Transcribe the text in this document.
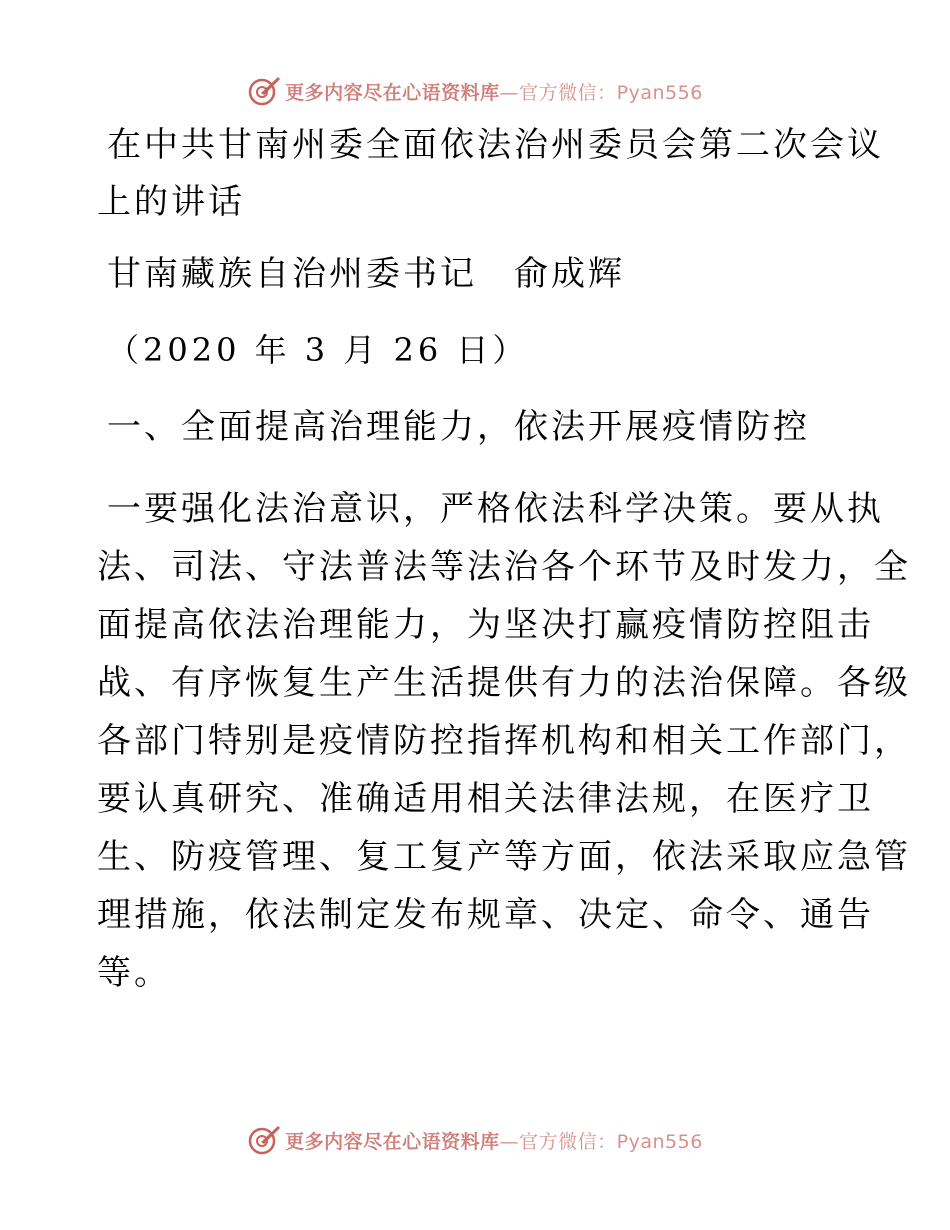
更多内容尽在心语资料库—官方微信：Pyan556

在中共甘南州委全面依法治州委员会第二次会议

上的讲话

甘南藏族自治州委书记　俞成辉

（2020 年 3 月 26 日）

一、全面提高治理能力，依法开展疫情防控

一要强化法治意识，严格依法科学决策。要从执
法、司法、守法普法等法治各个环节及时发力，全
面提高依法治理能力，为坚决打赢疫情防控阻击
战、有序恢复生产生活提供有力的法治保障。各级
各部门特别是疫情防控指挥机构和相关工作部门，
要认真研究、准确适用相关法律法规，在医疗卫
生、防疫管理、复工复产等方面，依法采取应急管
理措施，依法制定发布规章、决定、命令、通告
等。
更多内容尽在心语资料库—官方微信：Pyan556
